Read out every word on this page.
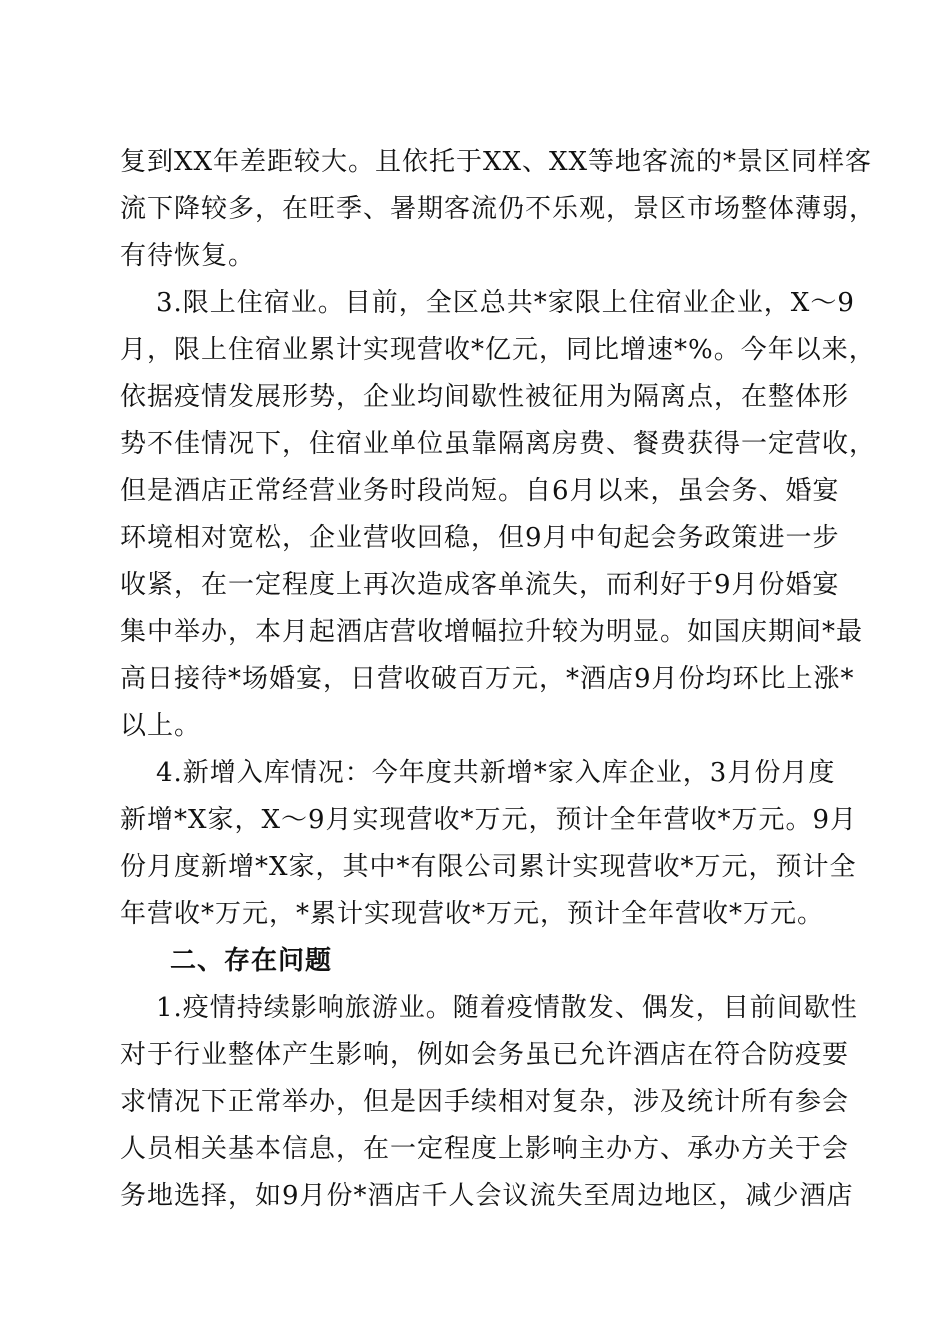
复到XX年差距较大。且依托于XX、XX等地客流的*景区同样客
流下降较多，在旺季、暑期客流仍不乐观，景区市场整体薄弱，
有待恢复。
3.限上住宿业。目前，全区总共*家限上住宿业企业，X～9
月，限上住宿业累计实现营收*亿元，同比增速*%。今年以来，
依据疫情发展形势，企业均间歇性被征用为隔离点，在整体形
势不佳情况下，住宿业单位虽靠隔离房费、餐费获得一定营收，
但是酒店正常经营业务时段尚短。自6月以来，虽会务、婚宴
环境相对宽松，企业营收回稳，但9月中旬起会务政策进一步
收紧，在一定程度上再次造成客单流失，而利好于9月份婚宴
集中举办，本月起酒店营收增幅拉升较为明显。如国庆期间*最
高日接待*场婚宴，日营收破百万元，*酒店9月份均环比上涨*
以上。
4.新增入库情况：今年度共新增*家入库企业，3月份月度
新增*X家，X～9月实现营收*万元，预计全年营收*万元。9月
份月度新增*X家，其中*有限公司累计实现营收*万元，预计全
年营收*万元，*累计实现营收*万元，预计全年营收*万元。
二、存在问题
1.疫情持续影响旅游业。随着疫情散发、偶发，目前间歇性
对于行业整体产生影响，例如会务虽已允许酒店在符合防疫要
求情况下正常举办，但是因手续相对复杂，涉及统计所有参会
人员相关基本信息，在一定程度上影响主办方、承办方关于会
务地选择，如9月份*酒店千人会议流失至周边地区，减少酒店
